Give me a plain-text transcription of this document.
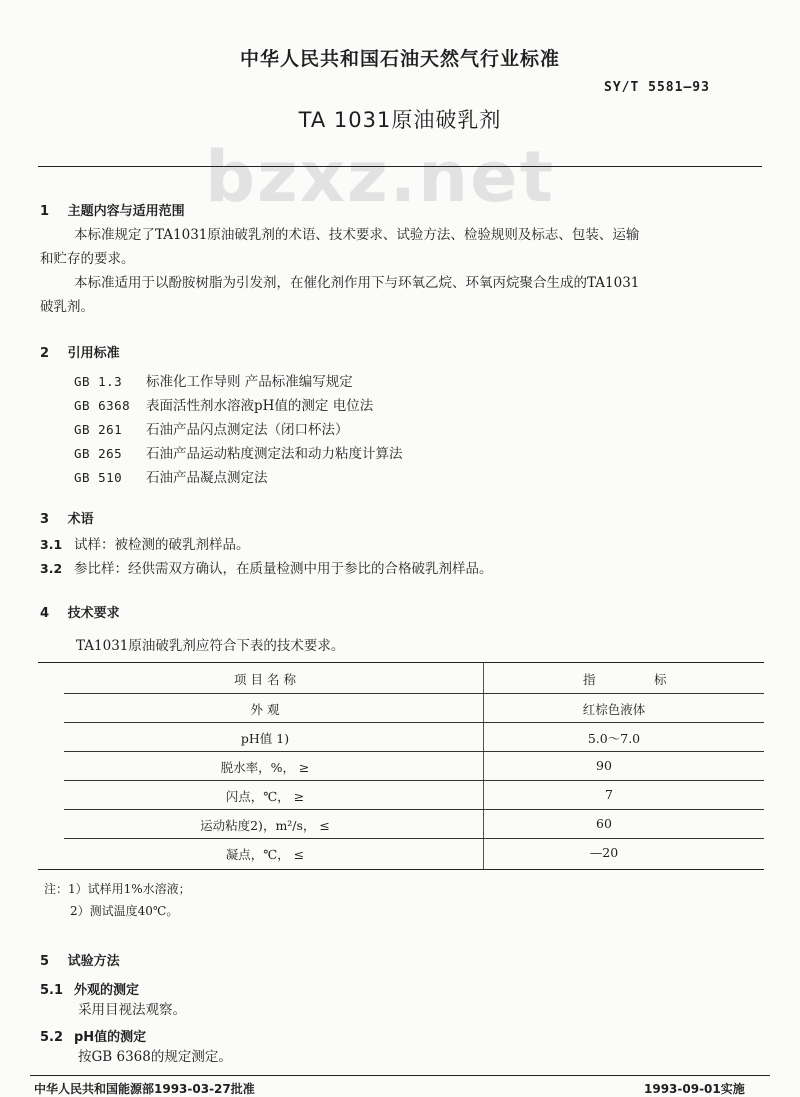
中华人民共和国石油天然气行业标准
SY/T 5581—93
bzxz.net
TA 1031原油破乳剂
1 主题内容与适用范围
本标准规定了TA1031原油破乳剂的术语、技术要求、试验方法、检验规则及标志、包装、运输
和贮存的要求。
本标准适用于以酚胺树脂为引发剂，在催化剂作用下与环氧乙烷、环氧丙烷聚合生成的TA1031
破乳剂。
2 引用标准
GB 1.3 标准化工作导则 产品标准编写规定
GB 6368 表面活性剂水溶液pH值的测定 电位法
GB 261 石油产品闪点测定法（闭口杯法）
GB 265 石油产品运动粘度测定法和动力粘度计算法
GB 510 石油产品凝点测定法
3 术语
3.1 试样：被检测的破乳剂样品。
3.2 参比样：经供需双方确认，在质量检测中用于参比的合格破乳剂样品。
4 技术要求
TA1031原油破乳剂应符合下表的技术要求。
项 目 名 称	指	标
外 观	红棕色液体
pH值 1)	5.0～7.0
脱水率，%， ≥	90
闪点，℃， ≥	7
运动粘度2)，m²/s， ≤	60
凝点，℃， ≤	—20
注：1）试样用1%水溶液；
2）测试温度40℃。
5 试验方法
5.1 外观的测定
采用目视法观察。
5.2 pH值的测定
按GB 6368的规定测定。
中华人民共和国能源部1993-03-27批准	1993-09-01实施
